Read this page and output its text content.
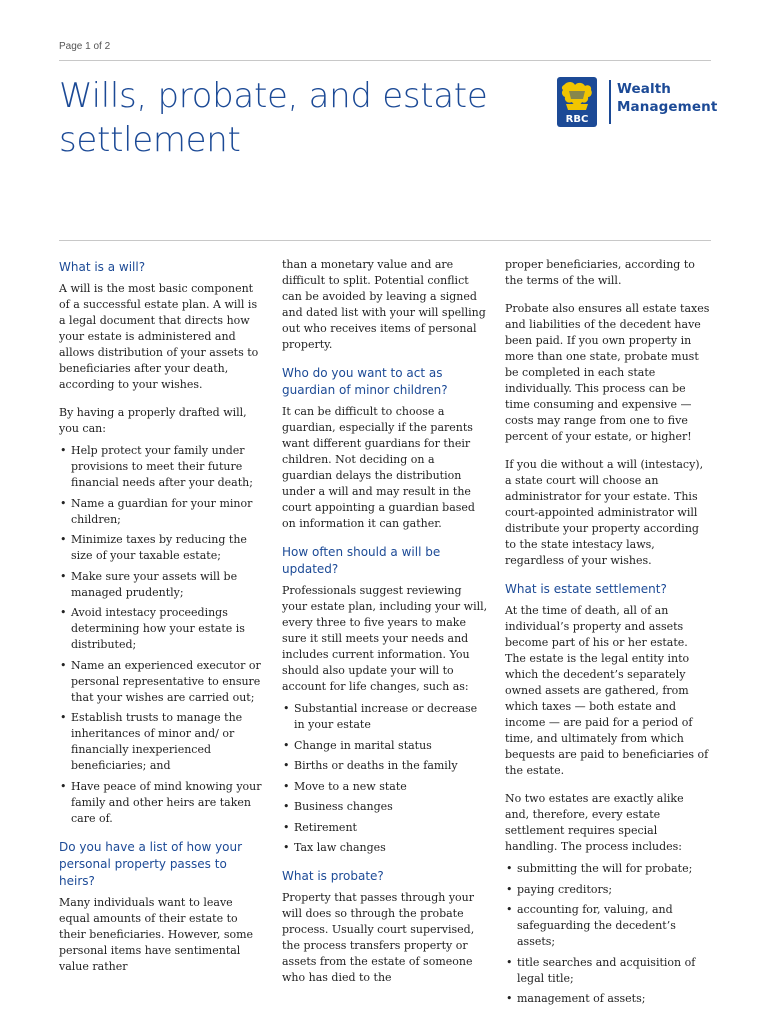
Page 1 of 2
Wills, probate, and estate
settlement
RBC
Wealth
Management
What is a will?

A will is the most basic component of a successful estate plan. A will is a legal document that directs how your estate is administered and allows distribution of your assets to beneficiaries after your death, according to your wishes.

By having a properly drafted will, you can:

• Help protect your family under provisions to meet their future financial needs after your death;
• Name a guardian for your minor children;
• Minimize taxes by reducing the size of your taxable estate;
• Make sure your assets will be managed prudently;
• Avoid intestacy proceedings determining how your estate is distributed;
• Name an experienced executor or personal representative to ensure that your wishes are carried out;
• Establish trusts to manage the inheritances of minor and/ or financially inexperienced beneficiaries; and
• Have peace of mind knowing your family and other heirs are taken care of.
Do you have a list of how your personal property passes to heirs?

Many individuals want to leave equal amounts of their estate to their beneficiaries. However, some personal items have sentimental value rather

than a monetary value and are difficult to split. Potential conflict can be avoided by leaving a signed and dated list with your will spelling out who receives items of personal property.

Who do you want to act as guardian of minor children?

It can be difficult to choose a guardian, especially if the parents want different guardians for their children. Not deciding on a guardian delays the distribution under a will and may result in the court appointing a guardian based on information it can gather.

How often should a will be updated?

Professionals suggest reviewing your estate plan, including your will, every three to five years to make sure it still meets your needs and includes current information. You should also update your will to account for life changes, such as:

• Substantial increase or decrease in your estate
• Change in marital status
• Births or deaths in the family
• Move to a new state
• Business changes
• Retirement
• Tax law changes
What is probate?

Property that passes through your will does so through the probate process. Usually court supervised, the process transfers property or assets from the estate of someone who has died to the

proper beneficiaries, according to the terms of the will.

Probate also ensures all estate taxes and liabilities of the decedent have been paid. If you own property in more than one state, probate must be completed in each state individually. This process can be time consuming and expensive — costs may range from one to five percent of your estate, or higher!

If you die without a will (intestacy), a state court will choose an administrator for your estate. This court-appointed administrator will distribute your property according to the state intestacy laws, regardless of your wishes.

What is estate settlement?

At the time of death, all of an individual’s property and assets become part of his or her estate. The estate is the legal entity into which the decedent’s separately owned assets are gathered, from which taxes — both estate and income — are paid for a period of time, and ultimately from which bequests are paid to beneficiaries of the estate.

No two estates are exactly alike and, therefore, every estate settlement requires special handling. The process includes:

• submitting the will for probate;
• paying creditors;
• accounting for, valuing, and safeguarding the decedent’s assets;
• title searches and acquisition of legal title;
• management of assets;
